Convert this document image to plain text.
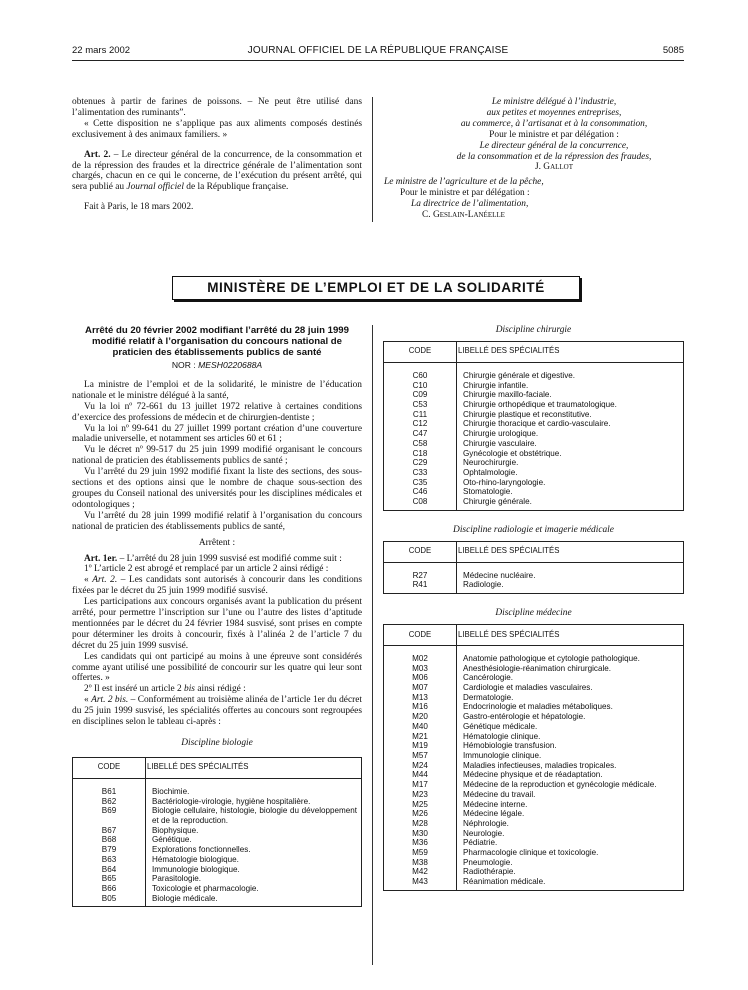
22 mars 2002	JOURNAL OFFICIEL DE LA RÉPUBLIQUE FRANÇAISE	5085

obtenues à partir de farines de poissons. – Ne peut être utilisé dans l’alimentation des ruminants”.

« Cette disposition ne s’applique pas aux aliments composés destinés exclusivement à des animaux familiers. »

Art. 2. – Le directeur général de la concurrence, de la consommation et de la répression des fraudes et la directrice générale de l’alimentation sont chargés, chacun en ce qui le concerne, de l’exécution du présent arrêté, qui sera publié au Journal officiel de la République française.

Fait à Paris, le 18 mars 2002.

Le ministre délégué à l’industrie,

aux petites et moyennes entreprises,

au commerce, à l’artisanat et à la consommation,

Pour le ministre et par délégation :

Le directeur général de la concurrence,

de la consommation et de la répression des fraudes,

J. Gallot

Le ministre de l’agriculture et de la pêche,

Pour le ministre et par délégation :

La directrice de l’alimentation,

C. Geslain-Lanéelle

MINISTÈRE DE L’EMPLOI ET DE LA SOLIDARITÉ

Arrêté du 20 février 2002 modifiant l’arrêté du 28 juin 1999 modifié relatif à l’organisation du concours national de praticien des établissements publics de santé

NOR : MESH0220688A

La ministre de l’emploi et de la solidarité, le ministre de l’éducation nationale et le ministre délégué à la santé,

Vu la loi nº 72-661 du 13 juillet 1972 relative à certaines conditions d’exercice des professions de médecin et de chirurgien-dentiste ;

Vu la loi nº 99-641 du 27 juillet 1999 portant création d’une couverture maladie universelle, et notamment ses articles 60 et 61 ;

Vu le décret nº 99-517 du 25 juin 1999 modifié organisant le concours national de praticien des établissements publics de santé ;

Vu l’arrêté du 29 juin 1992 modifié fixant la liste des sections, des sous-sections et des options ainsi que le nombre de chaque sous-section des groupes du Conseil national des universités pour les disciplines médicales et odontologiques ;

Vu l’arrêté du 28 juin 1999 modifié relatif à l’organisation du concours national de praticien des établissements publics de santé,

Arrêtent :

Art. 1er. – L’arrêté du 28 juin 1999 susvisé est modifié comme suit :

1º L’article 2 est abrogé et remplacé par un article 2 ainsi rédigé :

« Art. 2. – Les candidats sont autorisés à concourir dans les conditions fixées par le décret du 25 juin 1999 modifié susvisé.

Les participations aux concours organisés avant la publication du présent arrêté, pour permettre l’inscription sur l’une ou l’autre des listes d’aptitude mentionnées par le décret du 24 février 1984 susvisé, sont prises en compte pour déterminer les droits à concourir, fixés à l’alinéa 2 de l’article 7 du décret du 25 juin 1999 susvisé.

Les candidats qui ont participé au moins à une épreuve sont considérés comme ayant utilisé une possibilité de concourir sur les quatre qui leur sont offertes. »

2º Il est inséré un article 2 bis ainsi rédigé :

« Art. 2 bis. – Conformément au troisième alinéa de l’article 1er du décret du 25 juin 1999 susvisé, les spécialités offertes au concours sont regroupées en disciplines selon le tableau ci-après :

Discipline biologie

CODE	LIBELLÉ DES SPÉCIALITÉS
B61	Biochimie.
B62	Bactériologie-virologie, hygiène hospitalière.
B69	Biologie cellulaire, histologie, biologie du développement et de la reproduction.
B67	Biophysique.
B68	Génétique.
B79	Explorations fonctionnelles.
B63	Hématologie biologique.
B64	Immunologie biologique.
B65	Parasitologie.
B66	Toxicologie et pharmacologie.
B05	Biologie médicale.

Discipline chirurgie

CODE	LIBELLÉ DES SPÉCIALITÉS
C60	Chirurgie générale et digestive.
C10	Chirurgie infantile.
C09	Chirurgie maxillo-faciale.
C53	Chirurgie orthopédique et traumatologique.
C11	Chirurgie plastique et reconstitutive.
C12	Chirurgie thoracique et cardio-vasculaire.
C47	Chirurgie urologique.
C58	Chirurgie vasculaire.
C18	Gynécologie et obstétrique.
C29	Neurochirurgie.
C33	Ophtalmologie.
C35	Oto-rhino-laryngologie.
C46	Stomatologie.
C08	Chirurgie générale.

Discipline radiologie et imagerie médicale

CODE	LIBELLÉ DES SPÉCIALITÉS
R27	Médecine nucléaire.
R41	Radiologie.

Discipline médecine

CODE	LIBELLÉ DES SPÉCIALITÉS
M02	Anatomie pathologique et cytologie pathologique.
M03	Anesthésiologie-réanimation chirurgicale.
M06	Cancérologie.
M07	Cardiologie et maladies vasculaires.
M13	Dermatologie.
M16	Endocrinologie et maladies métaboliques.
M20	Gastro-entérologie et hépatologie.
M40	Génétique médicale.
M21	Hématologie clinique.
M19	Hémobiologie transfusion.
M57	Immunologie clinique.
M24	Maladies infectieuses, maladies tropicales.
M44	Médecine physique et de réadaptation.
M17	Médecine de la reproduction et gynécologie médicale.
M23	Médecine du travail.
M25	Médecine interne.
M26	Médecine légale.
M28	Néphrologie.
M30	Neurologie.
M36	Pédiatrie.
M59	Pharmacologie clinique et toxicologie.
M38	Pneumologie.
M42	Radiothérapie.
M43	Réanimation médicale.
